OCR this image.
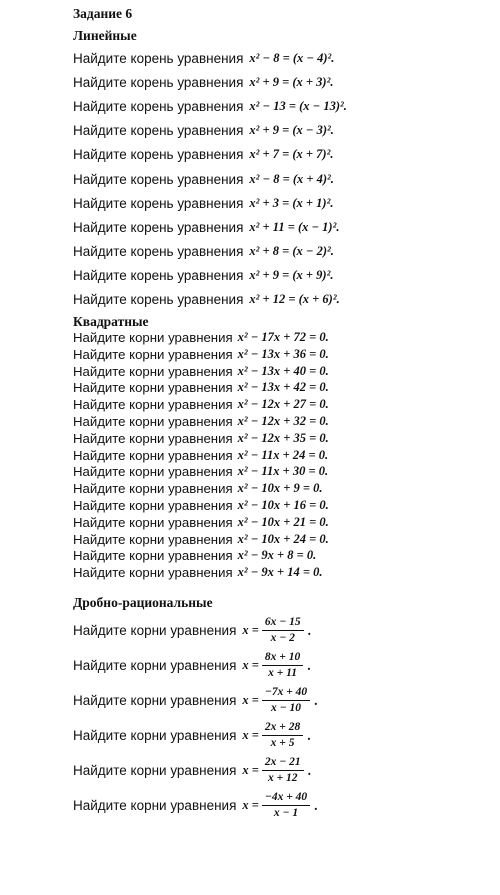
Задание 6
Линейные
Найдите корень уравнения x² − 8 = (x − 4)².
Найдите корень уравнения x² + 9 = (x + 3)².
Найдите корень уравнения x² − 13 = (x − 13)².
Найдите корень уравнения x² + 9 = (x − 3)².
Найдите корень уравнения x² + 7 = (x + 7)².
Найдите корень уравнения x² − 8 = (x + 4)².
Найдите корень уравнения x² + 3 = (x + 1)².
Найдите корень уравнения x² + 11 = (x − 1)².
Найдите корень уравнения x² + 8 = (x − 2)².
Найдите корень уравнения x² + 9 = (x + 9)².
Найдите корень уравнения x² + 12 = (x + 6)².
Квадратные
Найдите корни уравнения x² − 17x + 72 = 0.
Найдите корни уравнения x² − 13x + 36 = 0.
Найдите корни уравнения x² − 13x + 40 = 0.
Найдите корни уравнения x² − 13x + 42 = 0.
Найдите корни уравнения x² − 12x + 27 = 0.
Найдите корни уравнения x² − 12x + 32 = 0.
Найдите корни уравнения x² − 12x + 35 = 0.
Найдите корни уравнения x² − 11x + 24 = 0.
Найдите корни уравнения x² − 11x + 30 = 0.
Найдите корни уравнения x² − 10x + 9 = 0.
Найдите корни уравнения x² − 10x + 16 = 0.
Найдите корни уравнения x² − 10x + 21 = 0.
Найдите корни уравнения x² − 10x + 24 = 0.
Найдите корни уравнения x² − 9x + 8 = 0.
Найдите корни уравнения x² − 9x + 14 = 0.
Дробно-рациональные
Найдите корни уравнения $x = \frac{6x - 15}{x - 2}$ .
Найдите корни уравнения $x = \frac{8x + 10}{x + 11}$ .
Найдите корни уравнения $x = \frac{-7x + 40}{x - 10}$ .
Найдите корни уравнения $x = \frac{2x + 28}{x + 5}$ .
Найдите корни уравнения $x = \frac{2x - 21}{x + 12}$ .
Найдите корни уравнения $x = \frac{-4x + 40}{x - 1}$ .
